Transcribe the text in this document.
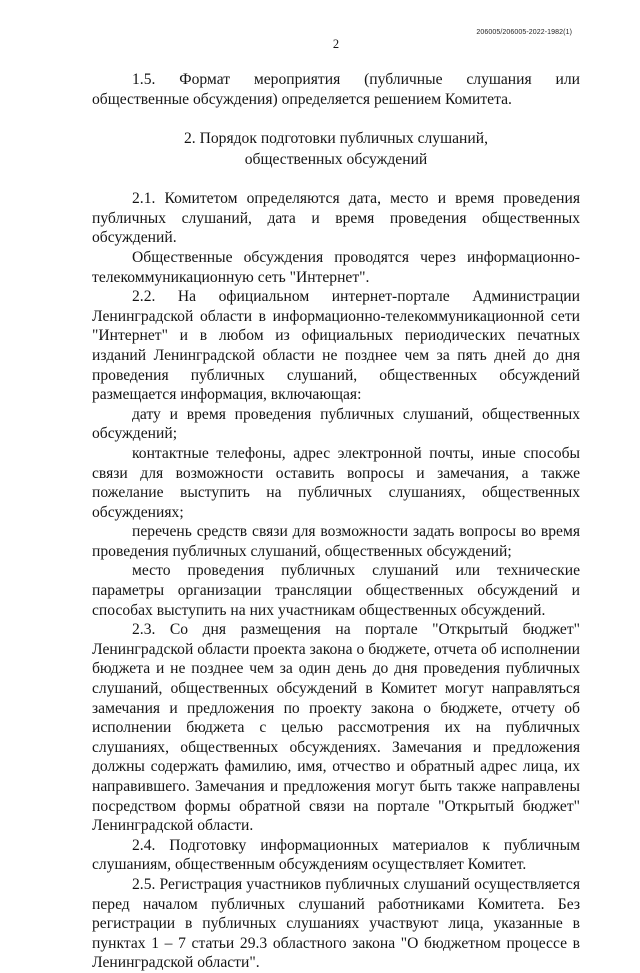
206005/206005-2022-1982(1)
2

1.5. Формат мероприятия (публичные слушания или общественные обсуждения) определяется решением Комитета.

2. Порядок подготовки публичных слушаний,
общественных обсуждений

2.1. Комитетом определяются дата, место и время проведения публичных слушаний, дата и время проведения общественных обсуждений.

Общественные обсуждения проводятся через информационно-телекоммуникационную сеть "Интернет".

2.2. На официальном интернет-портале Администрации Ленинградской области в информационно-телекоммуникационной сети "Интернет" и в любом из официальных периодических печатных изданий Ленинградской области не позднее чем за пять дней до дня проведения публичных слушаний, общественных обсуждений размещается информация, включающая:

дату и время проведения публичных слушаний, общественных обсуждений;

контактные телефоны, адрес электронной почты, иные способы связи для возможности оставить вопросы и замечания, а также пожелание выступить на публичных слушаниях, общественных обсуждениях;

перечень средств связи для возможности задать вопросы во время проведения публичных слушаний, общественных обсуждений;

место проведения публичных слушаний или технические параметры организации трансляции общественных обсуждений и способах выступить на них участникам общественных обсуждений.

2.3. Со дня размещения на портале "Открытый бюджет" Ленинградской области проекта закона о бюджете, отчета об исполнении бюджета и не позднее чем за один день до дня проведения публичных слушаний, общественных обсуждений в Комитет могут направляться замечания и предложения по проекту закона о бюджете, отчету об исполнении бюджета с целью рассмотрения их на публичных слушаниях, общественных обсуждениях. Замечания и предложения должны содержать фамилию, имя, отчество и обратный адрес лица, их направившего. Замечания и предложения могут быть также направлены посредством формы обратной связи на портале "Открытый бюджет" Ленинградской области.

2.4. Подготовку информационных материалов к публичным слушаниям, общественным обсуждениям осуществляет Комитет.

2.5. Регистрация участников публичных слушаний осуществляется перед началом публичных слушаний работниками Комитета. Без регистрации в публичных слушаниях участвуют лица, указанные в пунктах 1 – 7 статьи 29.3 областного закона "О бюджетном процессе в Ленинградской области".
